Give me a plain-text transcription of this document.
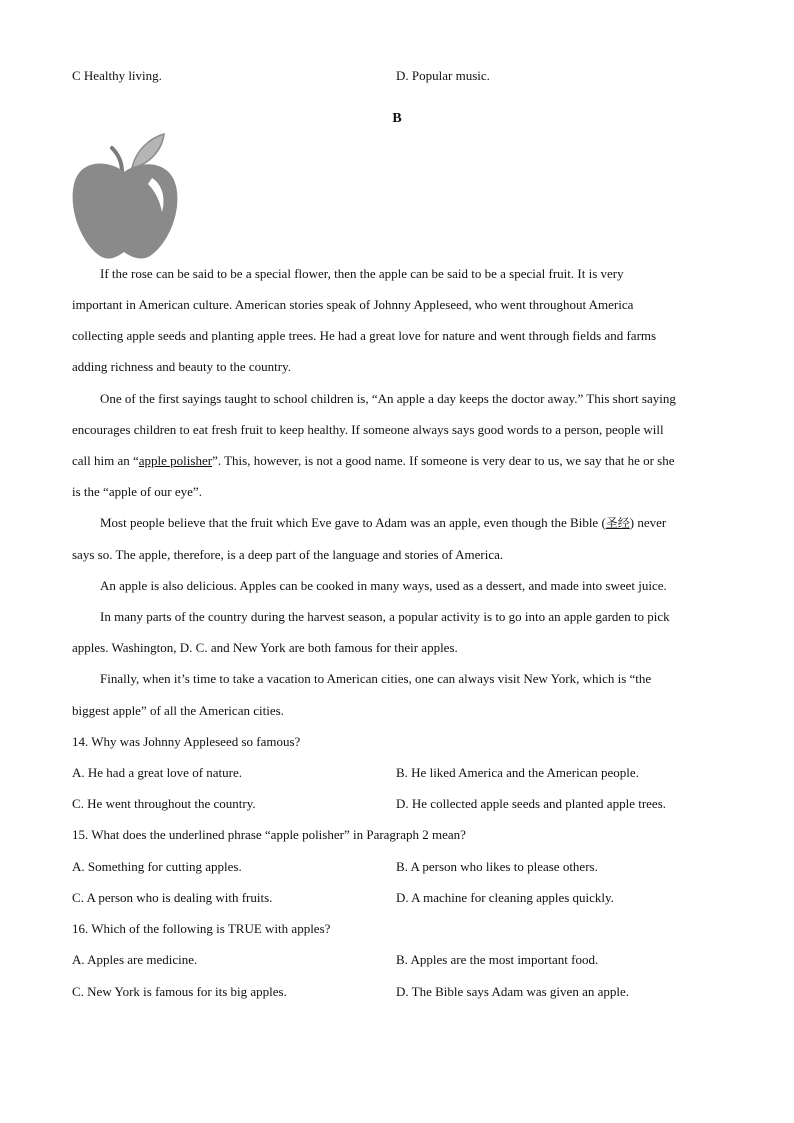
C Healthy living.	D. Popular music.
B
If the rose can be said to be a special flower, then the apple can be said to be a special fruit. It is very
important in American culture. American stories speak of Johnny Appleseed, who went throughout America
collecting apple seeds and planting apple trees. He had a great love for nature and went through fields and farms
adding richness and beauty to the country.
One of the first sayings taught to school children is, “An apple a day keeps the doctor away.” This short saying
encourages children to eat fresh fruit to keep healthy. If someone always says good words to a person, people will
call him an “apple polisher”. This, however, is not a good name. If someone is very dear to us, we say that he or she
is the “apple of our eye”.
Most people believe that the fruit which Eve gave to Adam was an apple, even though the Bible (圣经) never
says so. The apple, therefore, is a deep part of the language and stories of America.
An apple is also delicious. Apples can be cooked in many ways, used as a dessert, and made into sweet juice.
In many parts of the country during the harvest season, a popular activity is to go into an apple garden to pick
apples. Washington, D. C. and New York are both famous for their apples.
Finally, when it’s time to take a vacation to American cities, one can always visit New York, which is “the
biggest apple” of all the American cities.
14. Why was Johnny Appleseed so famous?
A. He had a great love of nature.	B. He liked America and the American people.
C. He went throughout the country.	D. He collected apple seeds and planted apple trees.
15. What does the underlined phrase “apple polisher” in Paragraph 2 mean?
A. Something for cutting apples.	B. A person who likes to please others.
C. A person who is dealing with fruits.	D. A machine for cleaning apples quickly.
16. Which of the following is TRUE with apples?
A. Apples are medicine.	B. Apples are the most important food.
C. New York is famous for its big apples.	D. The Bible says Adam was given an apple.
